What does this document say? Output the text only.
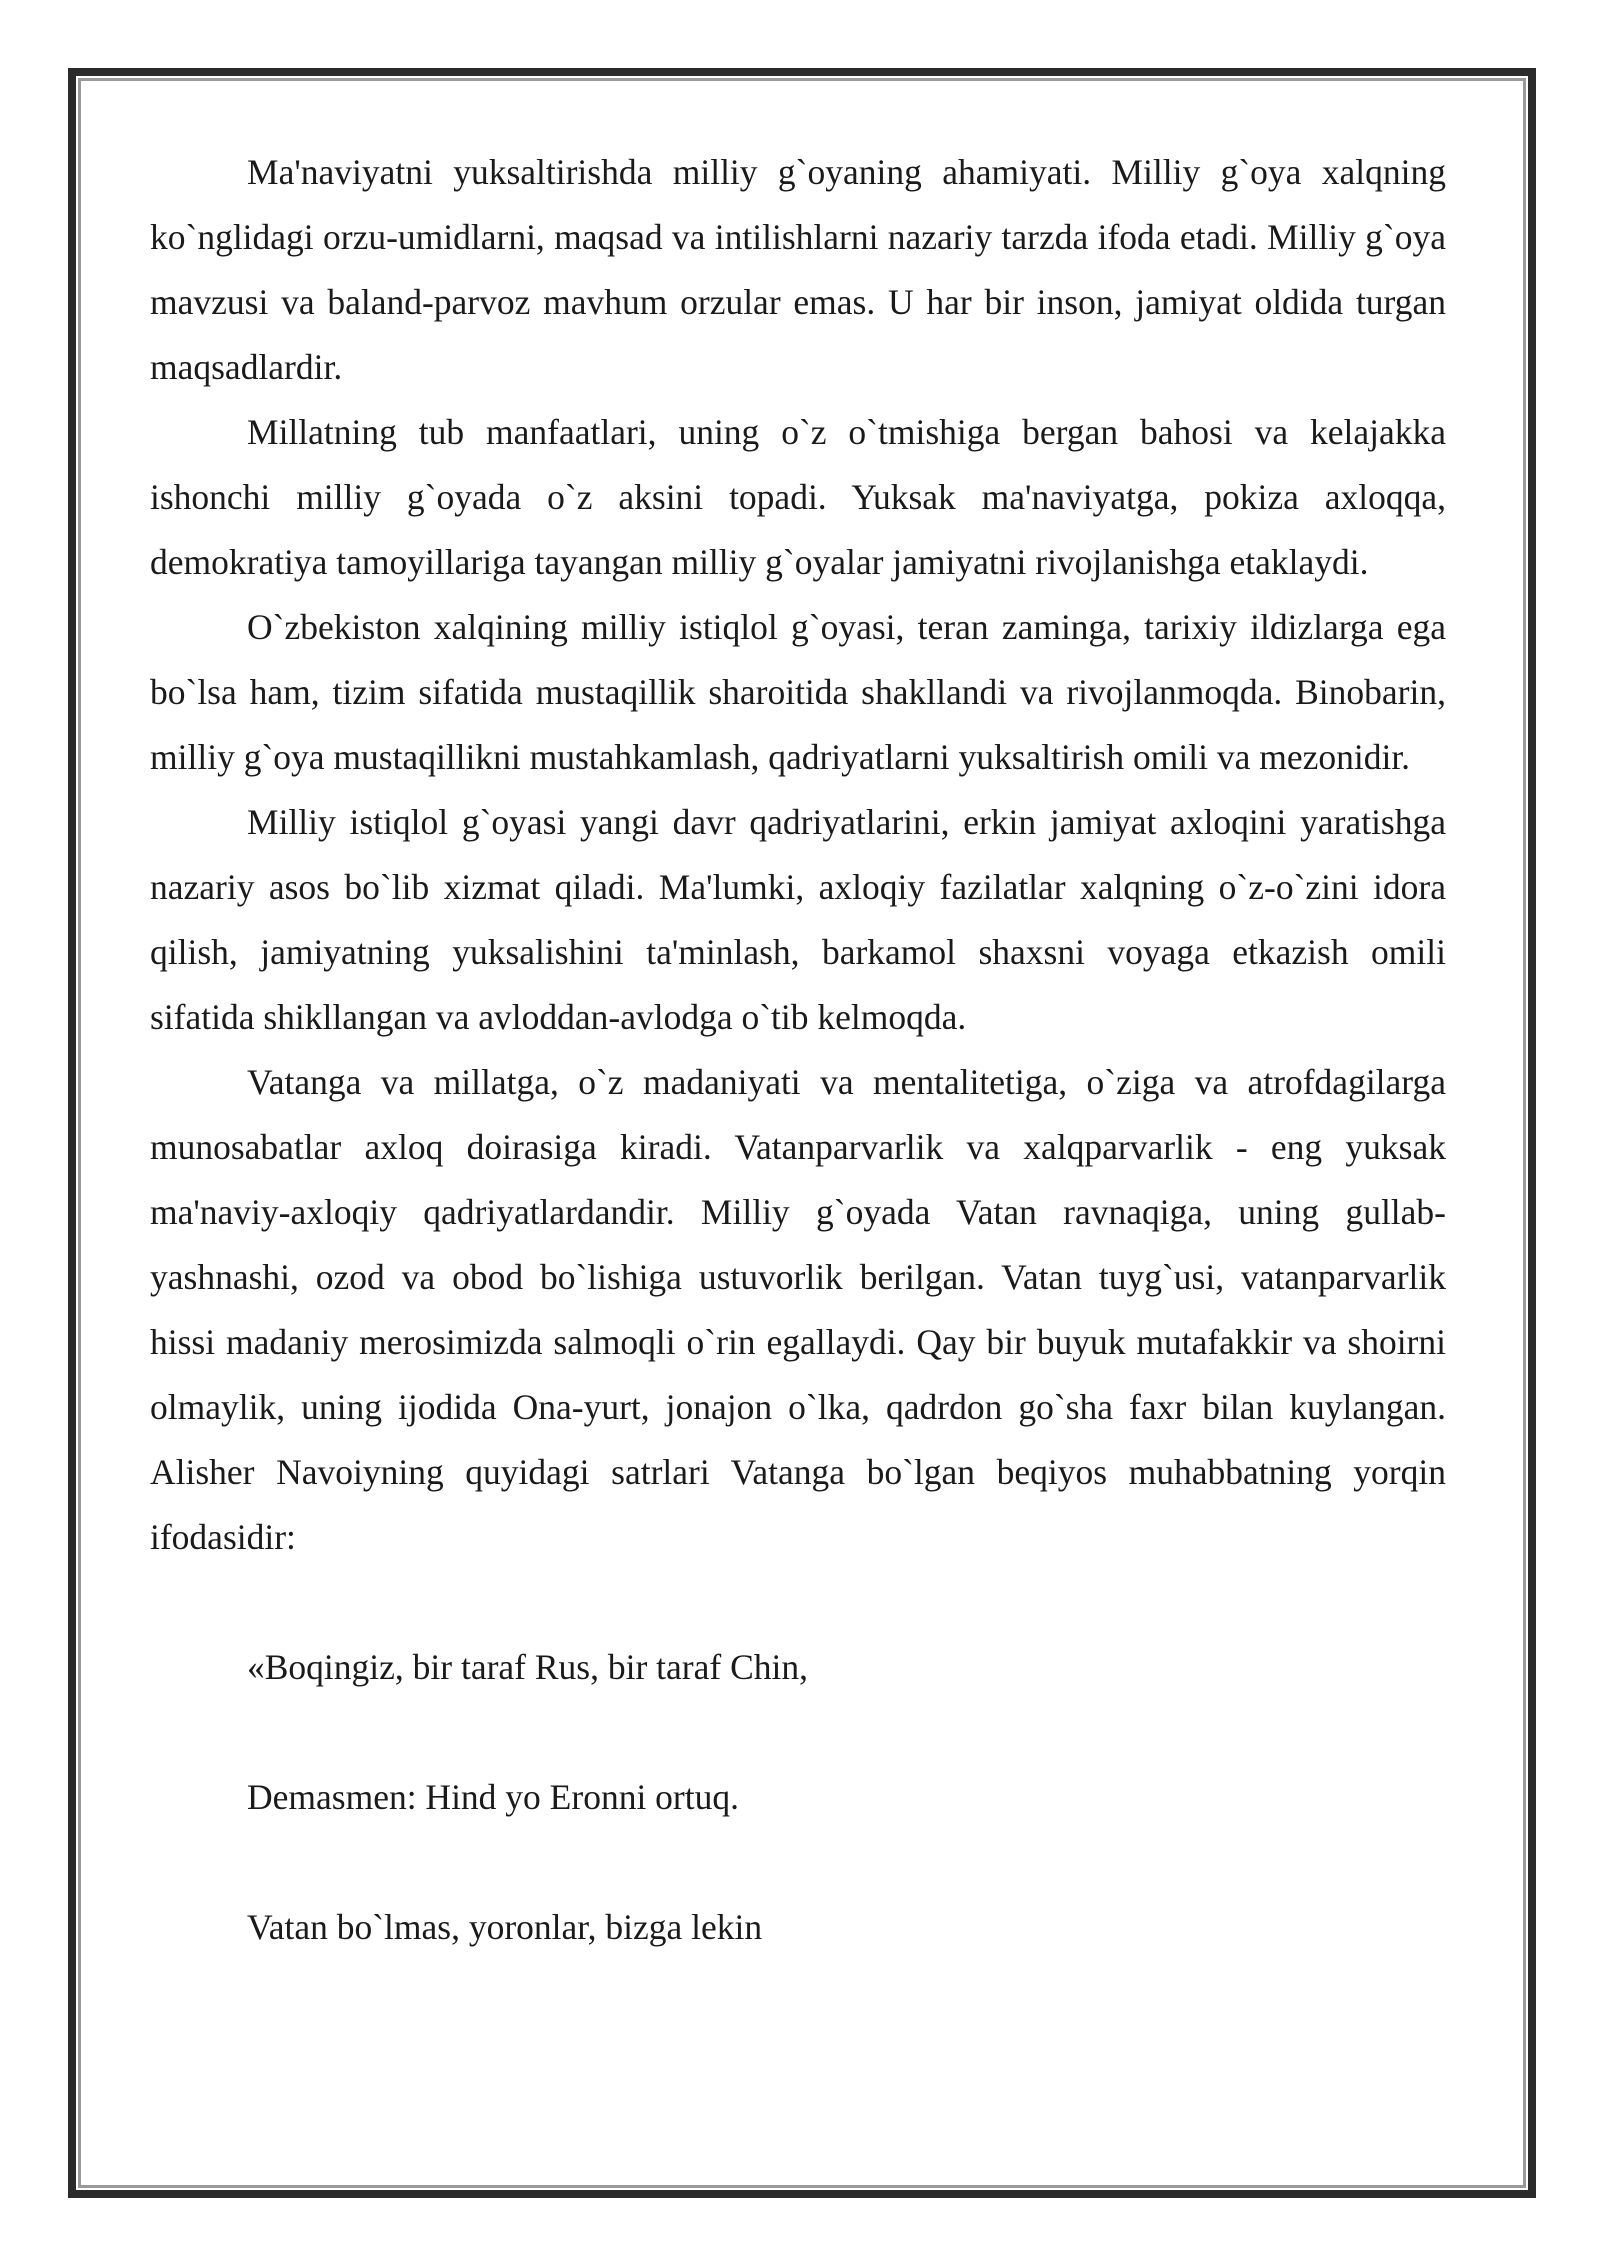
Ma'naviyatni yuksaltirishda milliy g`oyaning ahamiyati. Milliy g`oya xalqning ko`nglidagi orzu-umidlarni, maqsad va intilishlarni nazariy tarzda ifoda etadi. Milliy g`oya mavzusi va baland-parvoz mavhum orzular emas. U har bir inson, jamiyat oldida turgan maqsadlardir.

Millatning tub manfaatlari, uning o`z o`tmishiga bergan bahosi va kelajakka ishonchi milliy g`oyada o`z aksini topadi. Yuksak ma'naviyatga, pokiza axloqqa, demokratiya tamoyillariga tayangan milliy g`oyalar jamiyatni rivojlanishga etaklaydi.

O`zbekiston xalqining milliy istiqlol g`oyasi, teran zaminga, tarixiy ildizlarga ega bo`lsa ham, tizim sifatida mustaqillik sharoitida shakllandi va rivojlanmoqda. Binobarin, milliy g`oya mustaqillikni mustahkamlash, qadriyatlarni yuksaltirish omili va mezonidir.

Milliy istiqlol g`oyasi yangi davr qadriyatlarini, erkin jamiyat axloqini yaratishga nazariy asos bo`lib xizmat qiladi. Ma'lumki, axloqiy fazilatlar xalqning o`z-o`zini idora qilish, jamiyatning yuksalishini ta'minlash, barkamol shaxsni voyaga etkazish omili sifatida shikllangan va avloddan-avlodga o`tib kelmoqda.

Vatanga va millatga, o`z madaniyati va mentalitetiga, o`ziga va atrofdagilarga munosabatlar axloq doirasiga kiradi. Vatanparvarlik va xalqparvarlik - eng yuksak ma'naviy-axloqiy qadriyatlardandir. Milliy g`oyada Vatan ravnaqiga, uning gullab-yashnashi, ozod va obod bo`lishiga ustuvorlik berilgan. Vatan tuyg`usi, vatanparvarlik hissi madaniy merosimizda salmoqli o`rin egallaydi. Qay bir buyuk mutafakkir va shoirni olmaylik, uning ijodida Ona-yurt, jonajon o`lka, qadrdon go`sha faxr bilan kuylangan. Alisher Navoiyning quyidagi satrlari Vatanga bo`lgan beqiyos muhabbatning yorqin ifodasidir:

«Boqingiz, bir taraf Rus, bir taraf Chin,

Demasmen: Hind yo Eronni ortuq.

Vatan bo`lmas, yoronlar, bizga lekin
